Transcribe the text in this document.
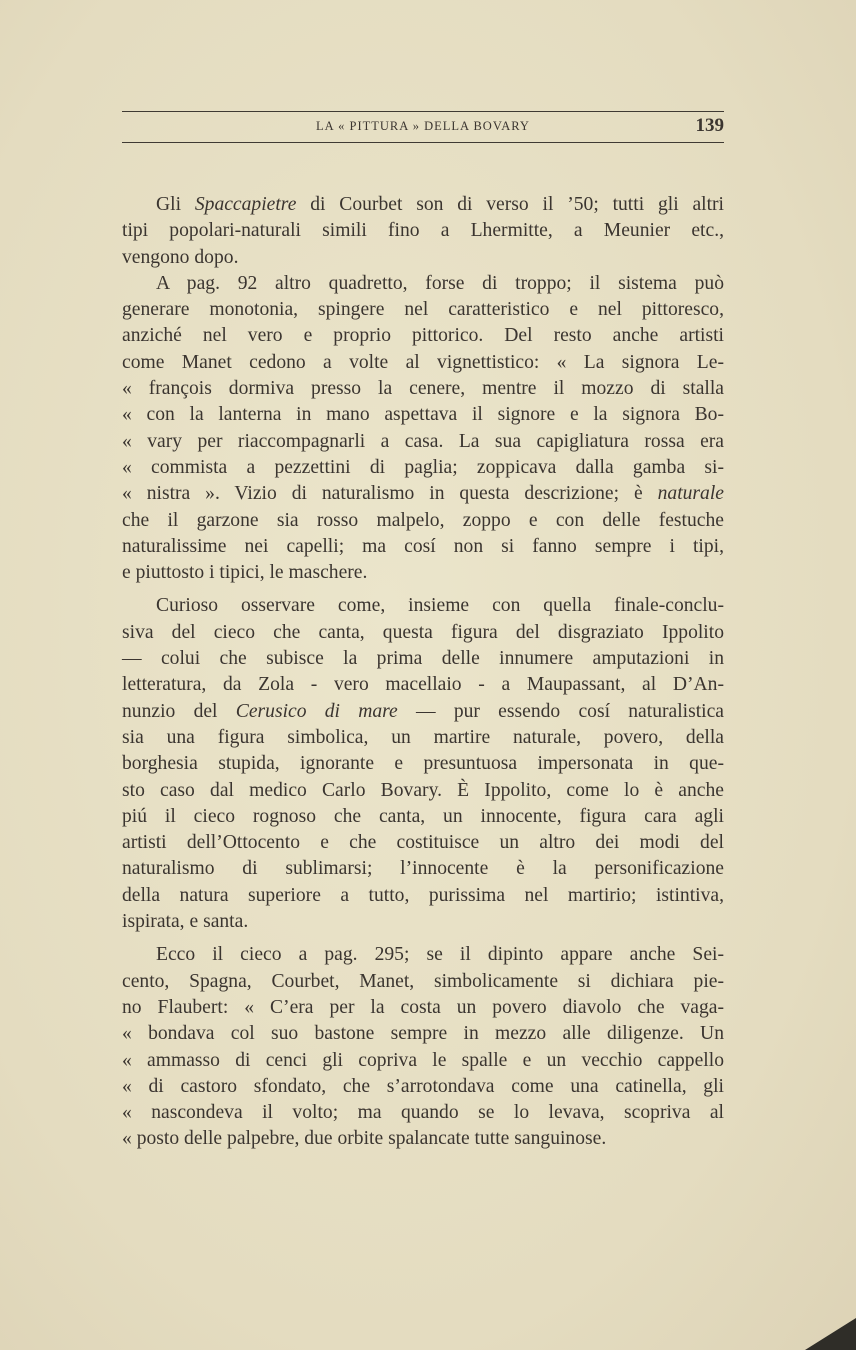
LA « PITTURA » DELLA BOVARY	139
Gli Spaccapietre di Courbet son di verso il ’50; tutti gli altri
tipi popolari-naturali simili fino a Lhermitte, a Meunier etc.,
vengono dopo.
A pag. 92 altro quadretto, forse di troppo; il sistema può
generare monotonia, spingere nel caratteristico e nel pittoresco,
anziché nel vero e proprio pittorico. Del resto anche artisti
come Manet cedono a volte al vignettistico: « La signora Le-
« françois dormiva presso la cenere, mentre il mozzo di stalla
« con la lanterna in mano aspettava il signore e la signora Bo-
« vary per riaccompagnarli a casa. La sua capigliatura rossa era
« commista a pezzettini di paglia; zoppicava dalla gamba si-
« nistra ». Vizio di naturalismo in questa descrizione; è naturale
che il garzone sia rosso malpelo, zoppo e con delle festuche
naturalissime nei capelli; ma cosí non si fanno sempre i tipi,
e piuttosto i tipici, le maschere.
Curioso osservare come, insieme con quella finale-conclu-
siva del cieco che canta, questa figura del disgraziato Ippolito
— colui che subisce la prima delle innumere amputazioni in
letteratura, da Zola - vero macellaio - a Maupassant, al D’An-
nunzio del Cerusico di mare — pur essendo cosí naturalistica
sia una figura simbolica, un martire naturale, povero, della
borghesia stupida, ignorante e presuntuosa impersonata in que-
sto caso dal medico Carlo Bovary. È Ippolito, come lo è anche
piú il cieco rognoso che canta, un innocente, figura cara agli
artisti dell’Ottocento e che costituisce un altro dei modi del
naturalismo di sublimarsi; l’innocente è la personificazione
della natura superiore a tutto, purissima nel martirio; istintiva,
ispirata, e santa.
Ecco il cieco a pag. 295; se il dipinto appare anche Sei-
cento, Spagna, Courbet, Manet, simbolicamente si dichiara pie-
no Flaubert: « C’era per la costa un povero diavolo che vaga-
« bondava col suo bastone sempre in mezzo alle diligenze. Un
« ammasso di cenci gli copriva le spalle e un vecchio cappello
« di castoro sfondato, che s’arrotondava come una catinella, gli
« nascondeva il volto; ma quando se lo levava, scopriva al
« posto delle palpebre, due orbite spalancate tutte sanguinose.
